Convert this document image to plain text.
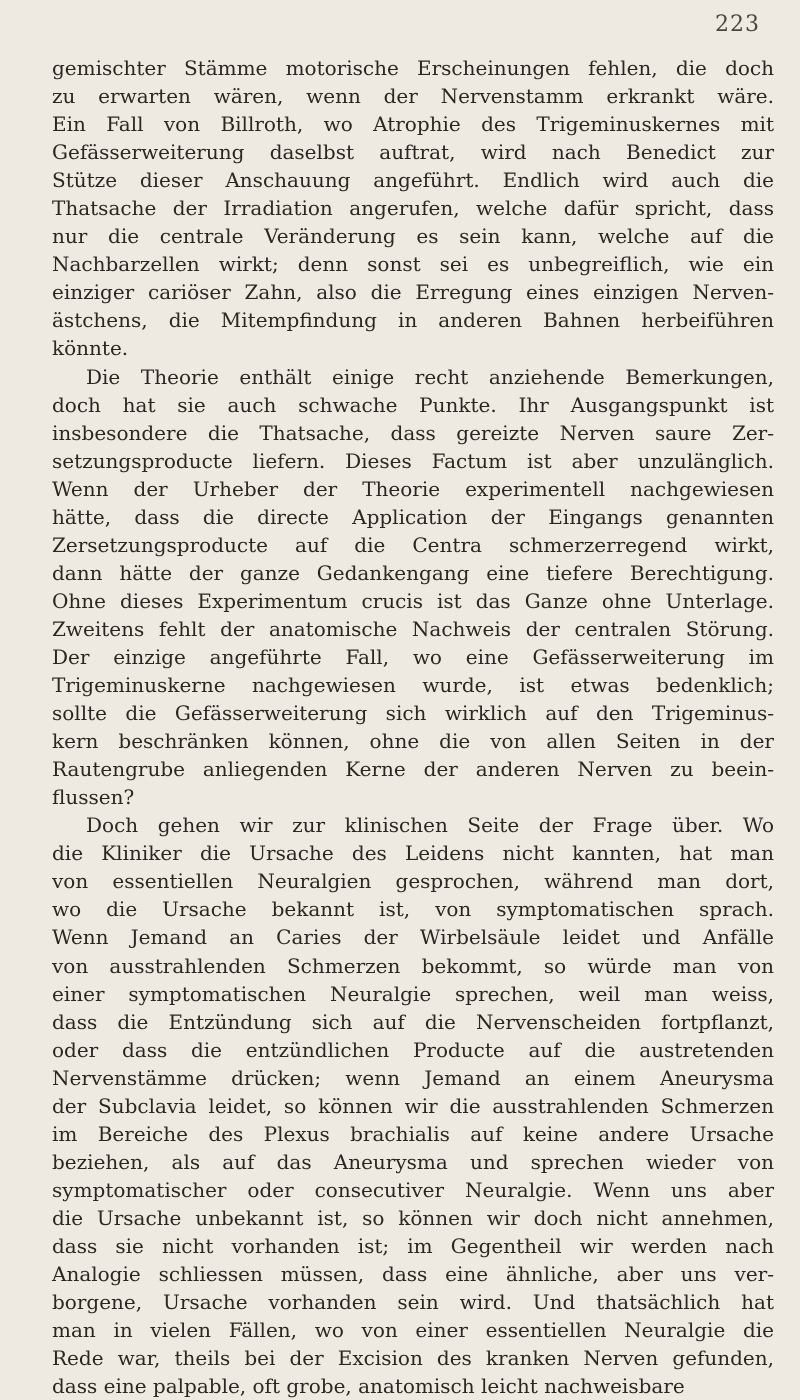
223
gemischter Stämme motorische Erscheinungen fehlen, die doch
zu erwarten wären, wenn der Nervenstamm erkrankt wäre.
Ein Fall von Billroth, wo Atrophie des Trigeminuskernes mit
Gefässerweiterung daselbst auftrat, wird nach Benedict zur
Stütze dieser Anschauung angeführt. Endlich wird auch die
Thatsache der Irradiation angerufen, welche dafür spricht, dass
nur die centrale Veränderung es sein kann, welche auf die
Nachbarzellen wirkt; denn sonst sei es unbegreiflich, wie ein
einziger cariöser Zahn, also die Erregung eines einzigen Nerven-
ästchens, die Mitempfindung in anderen Bahnen herbeiführen
könnte.
Die Theorie enthält einige recht anziehende Bemerkungen,
doch hat sie auch schwache Punkte. Ihr Ausgangspunkt ist
insbesondere die Thatsache, dass gereizte Nerven saure Zer-
setzungsproducte liefern. Dieses Factum ist aber unzulänglich.
Wenn der Urheber der Theorie experimentell nachgewiesen
hätte, dass die directe Application der Eingangs genannten
Zersetzungsproducte auf die Centra schmerzerregend wirkt,
dann hätte der ganze Gedankengang eine tiefere Berechtigung.
Ohne dieses Experimentum crucis ist das Ganze ohne Unterlage.
Zweitens fehlt der anatomische Nachweis der centralen Störung.
Der einzige angeführte Fall, wo eine Gefässerweiterung im
Trigeminuskerne nachgewiesen wurde, ist etwas bedenklich;
sollte die Gefässerweiterung sich wirklich auf den Trigeminus-
kern beschränken können, ohne die von allen Seiten in der
Rautengrube anliegenden Kerne der anderen Nerven zu beein-
flussen?
Doch gehen wir zur klinischen Seite der Frage über. Wo
die Kliniker die Ursache des Leidens nicht kannten, hat man
von essentiellen Neuralgien gesprochen, während man dort,
wo die Ursache bekannt ist, von symptomatischen sprach.
Wenn Jemand an Caries der Wirbelsäule leidet und Anfälle
von ausstrahlenden Schmerzen bekommt, so würde man von
einer symptomatischen Neuralgie sprechen, weil man weiss,
dass die Entzündung sich auf die Nervenscheiden fortpflanzt,
oder dass die entzündlichen Producte auf die austretenden
Nervenstämme drücken; wenn Jemand an einem Aneurysma
der Subclavia leidet, so können wir die ausstrahlenden Schmerzen
im Bereiche des Plexus brachialis auf keine andere Ursache
beziehen, als auf das Aneurysma und sprechen wieder von
symptomatischer oder consecutiver Neuralgie. Wenn uns aber
die Ursache unbekannt ist, so können wir doch nicht annehmen,
dass sie nicht vorhanden ist; im Gegentheil wir werden nach
Analogie schliessen müssen, dass eine ähnliche, aber uns ver-
borgene, Ursache vorhanden sein wird. Und thatsächlich hat
man in vielen Fällen, wo von einer essentiellen Neuralgie die
Rede war, theils bei der Excision des kranken Nerven gefunden,
dass eine palpable, oft grobe, anatomisch leicht nachweisbare
